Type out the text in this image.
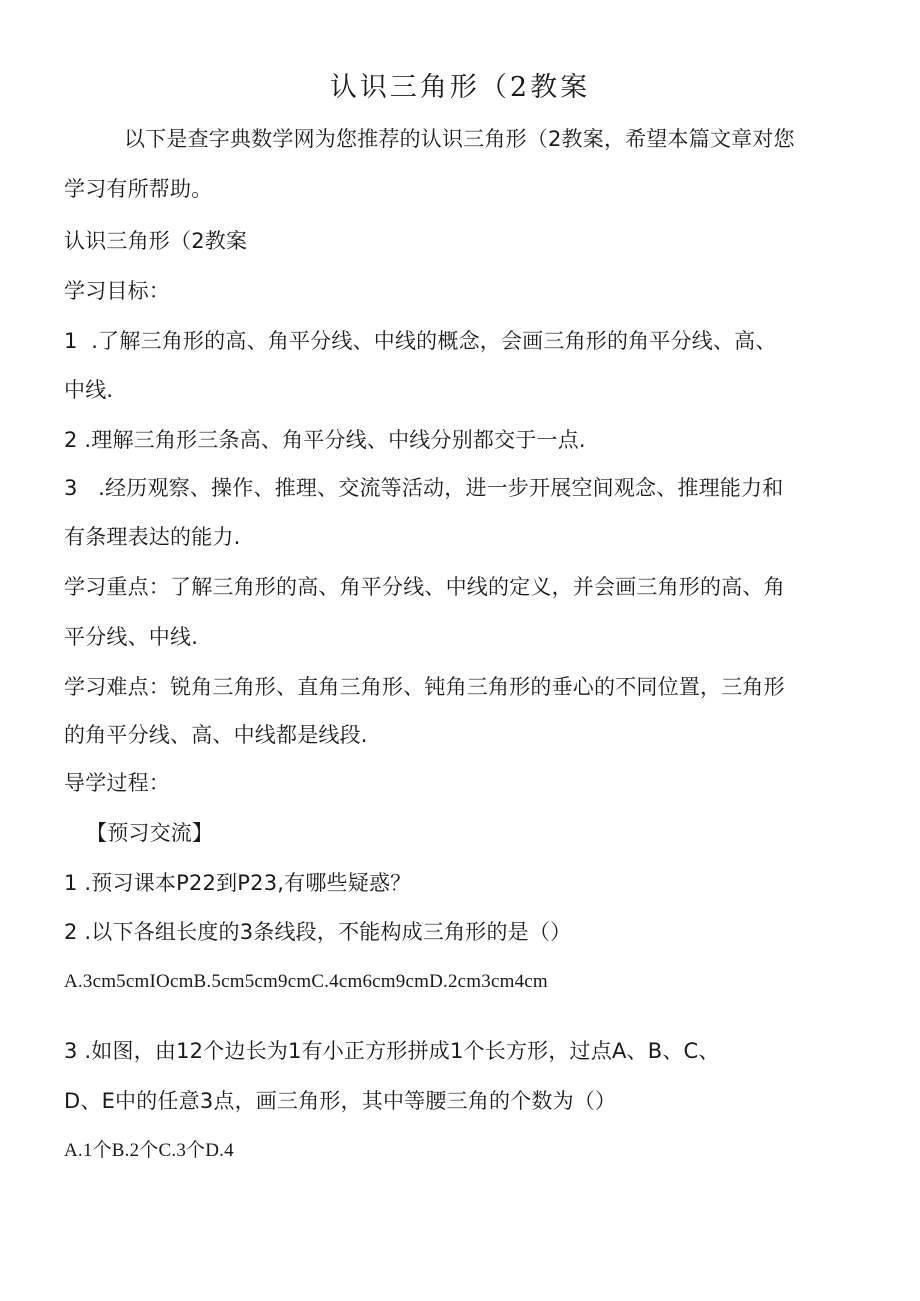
认识三角形（2教案
以下是查字典数学网为您推荐的认识三角形（2教案，希望本篇文章对您
学习有所帮助。
认识三角形（2教案
学习目标：
1  .了解三角形的高、角平分线、中线的概念，会画三角形的角平分线、高、
中线.
2 .理解三角形三条高、角平分线、中线分别都交于一点.
3   .经历观察、操作、推理、交流等活动，进一步开展空间观念、推理能力和
有条理表达的能力.
学习重点：了解三角形的高、角平分线、中线的定义，并会画三角形的高、角
平分线、中线.
学习难点：锐角三角形、直角三角形、钝角三角形的垂心的不同位置，三角形
的角平分线、高、中线都是线段.
导学过程：
【预习交流】
1 .预习课本P22到P23,有哪些疑惑？
2 .以下各组长度的3条线段，不能构成三角形的是（）
A.3cm5cmIOcmB.5cm5cm9cmC.4cm6cm9cmD.2cm3cm4cm
3 .如图，由12个边长为1有小正方形拼成1个长方形，过点A、B、C、
D、E中的任意3点，画三角形，其中等腰三角的个数为（）
A.1个B.2个C.3个D.4
